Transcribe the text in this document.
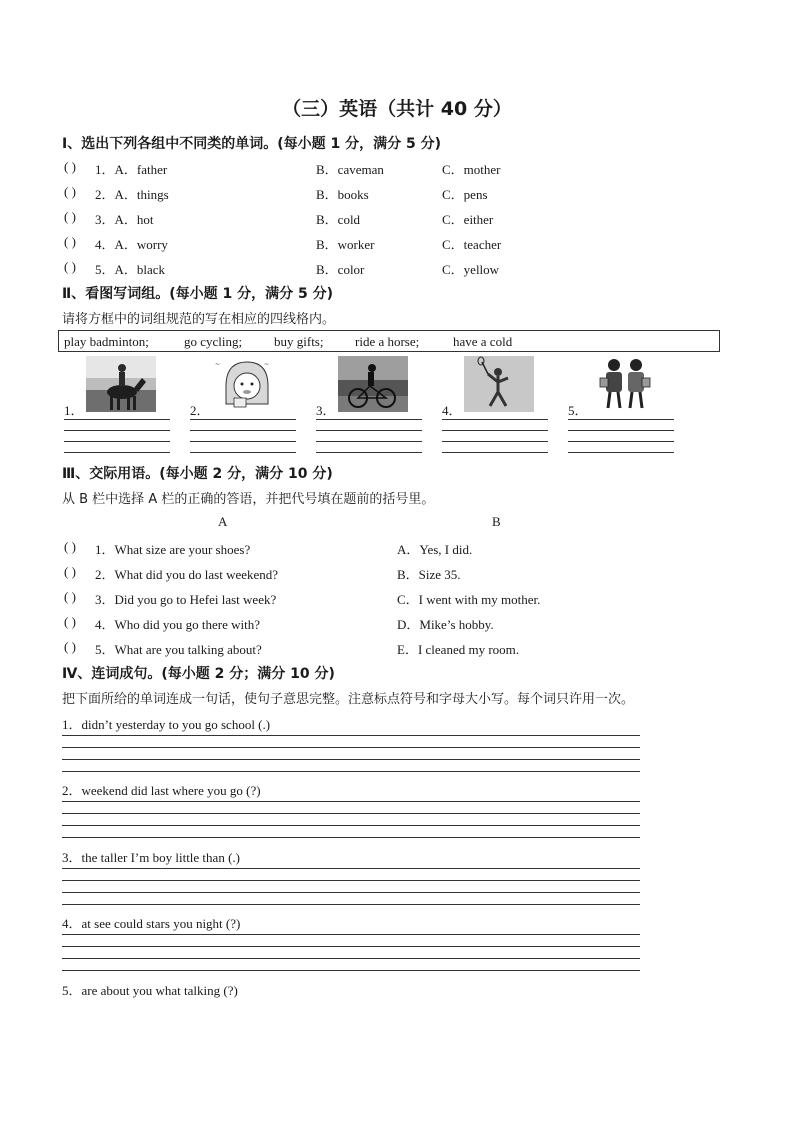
（三）英语（共计 40 分）
Ⅰ、选出下列各组中不同类的单词。(每小题 1 分，满分 5 分)
( ) 1．A．father	B．caveman	C．mother
( ) 2．A．things	B．books	C．pens
( ) 3．A．hot	B．cold	C．either
( ) 4．A．worry	B．worker	C．teacher
( ) 5．A．black	B．color	C．yellow
Ⅱ、看图写词组。(每小题 1 分，满分 5 分)
请将方框中的词组规范的写在相应的四线格内。
play badminton;	go cycling; buy gifts; ride a horse;	have a cold
~	~
1．	2．	3．	4．	5．
Ⅲ、交际用语。(每小题 2 分，满分 10 分)
从 B 栏中选择 A 栏的正确的答语，并把代号填在题前的括号里。
A	B
( ) 1．What size are your shoes?	A．Yes, I did.
( ) 2．What did you do last weekend?	B．Size 35.
( ) 3．Did you go to Hefei last week?	C．I went with my mother.
( ) 4．Who did you go there with?	D．Mike’s hobby.
( ) 5．What are you talking about?	E．I cleaned my room.
Ⅳ、连词成句。(每小题 2 分；满分 10 分)
把下面所给的单词连成一句话，使句子意思完整。注意标点符号和字母大小写。每个词只许用一次。
1．didn’t yesterday to you go school (.)
2．weekend did last where you go (?)
3．the taller I’m boy little than (.)
4．at see could stars you night (?)
5．are about you what talking (?)
